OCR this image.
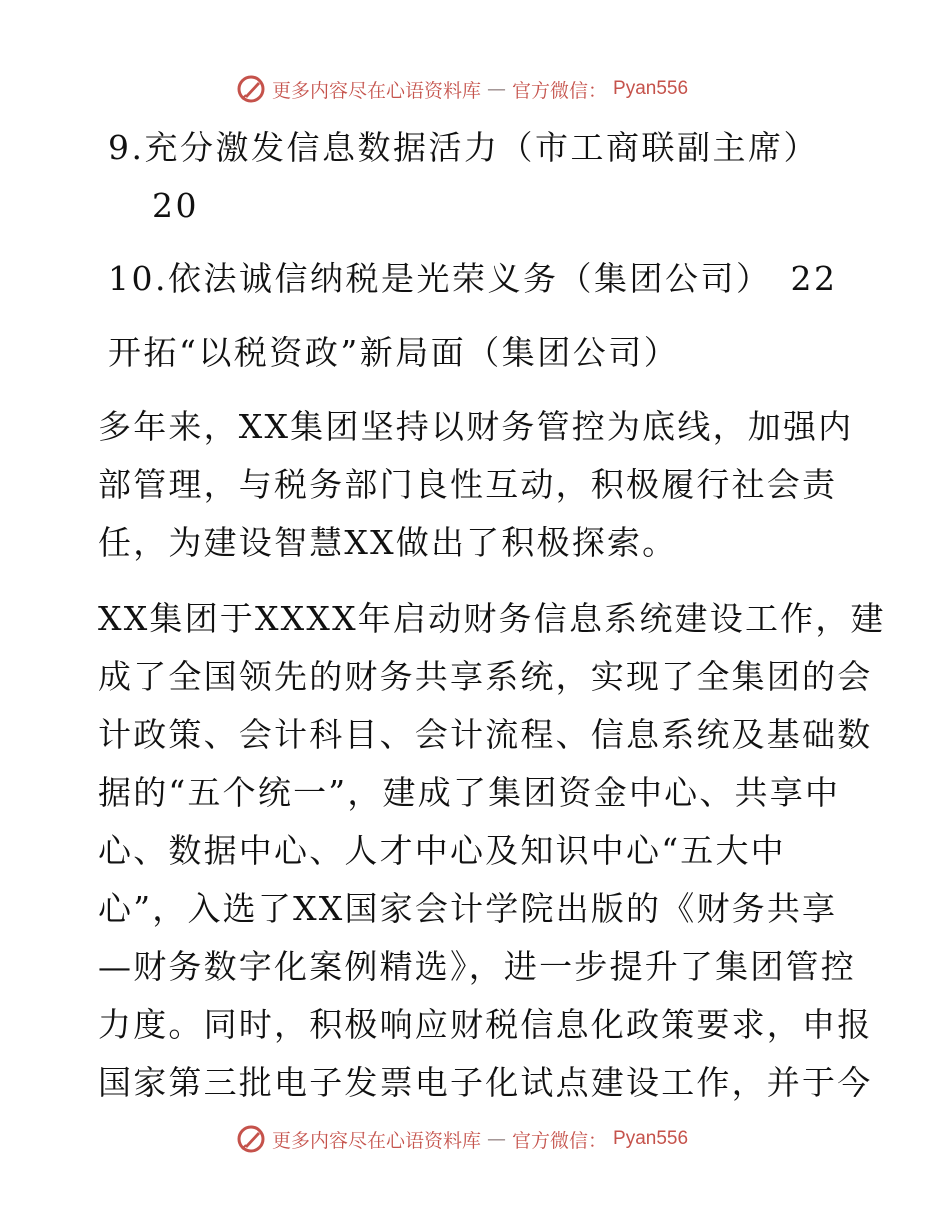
更多内容尽在心语资料库 — 官方微信： Pyan556
9.充分激发信息数据活力（市工商联副主席）
20
10.依法诚信纳税是光荣义务（集团公司）　22
开拓“以税资政”新局面（集团公司）
多年来，XX集团坚持以财务管控为底线，加强内
部管理，与税务部门良性互动，积极履行社会责
任，为建设智慧XX做出了积极探索。
XX集团于XXXX年启动财务信息系统建设工作，建
成了全国领先的财务共享系统，实现了全集团的会
计政策、会计科目、会计流程、信息系统及基础数
据的“五个统一”，建成了集团资金中心、共享中
心、数据中心、人才中心及知识中心“五大中
心”，入选了XX国家会计学院出版的《财务共享
—财务数字化案例精选》，进一步提升了集团管控
力度。同时，积极响应财税信息化政策要求，申报
国家第三批电子发票电子化试点建设工作，并于今
更多内容尽在心语资料库 — 官方微信： Pyan556
